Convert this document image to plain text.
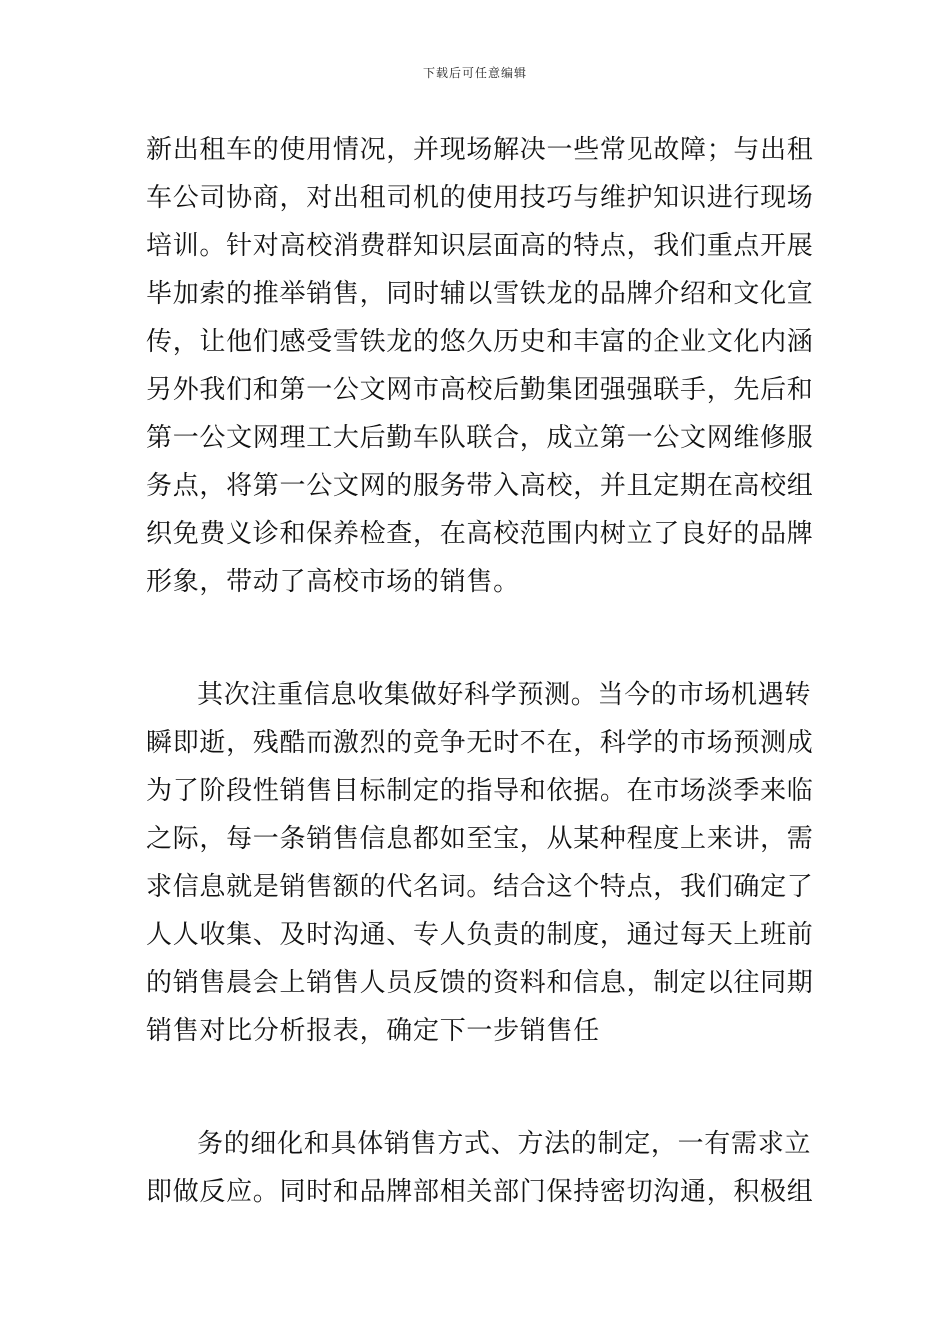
下载后可任意编辑
新出租车的使用情况，并现场解决一些常见故障；与出租
车公司协商，对出租司机的使用技巧与维护知识进行现场
培训。针对高校消费群知识层面高的特点，我们重点开展
毕加索的推举销售，同时辅以雪铁龙的品牌介绍和文化宣
传，让他们感受雪铁龙的悠久历史和丰富的企业文化内涵
另外我们和第一公文网市高校后勤集团强强联手，先后和
第一公文网理工大后勤车队联合，成立第一公文网维修服
务点，将第一公文网的服务带入高校，并且定期在高校组
织免费义诊和保养检查，在高校范围内树立了良好的品牌
形象，带动了高校市场的销售。
其次注重信息收集做好科学预测。当今的市场机遇转
瞬即逝，残酷而激烈的竞争无时不在，科学的市场预测成
为了阶段性销售目标制定的指导和依据。在市场淡季来临
之际，每一条销售信息都如至宝，从某种程度上来讲，需
求信息就是销售额的代名词。结合这个特点，我们确定了
人人收集、及时沟通、专人负责的制度，通过每天上班前
的销售晨会上销售人员反馈的资料和信息，制定以往同期
销售对比分析报表，确定下一步销售任
务的细化和具体销售方式、方法的制定，一有需求立
即做反应。同时和品牌部相关部门保持密切沟通，积极组
